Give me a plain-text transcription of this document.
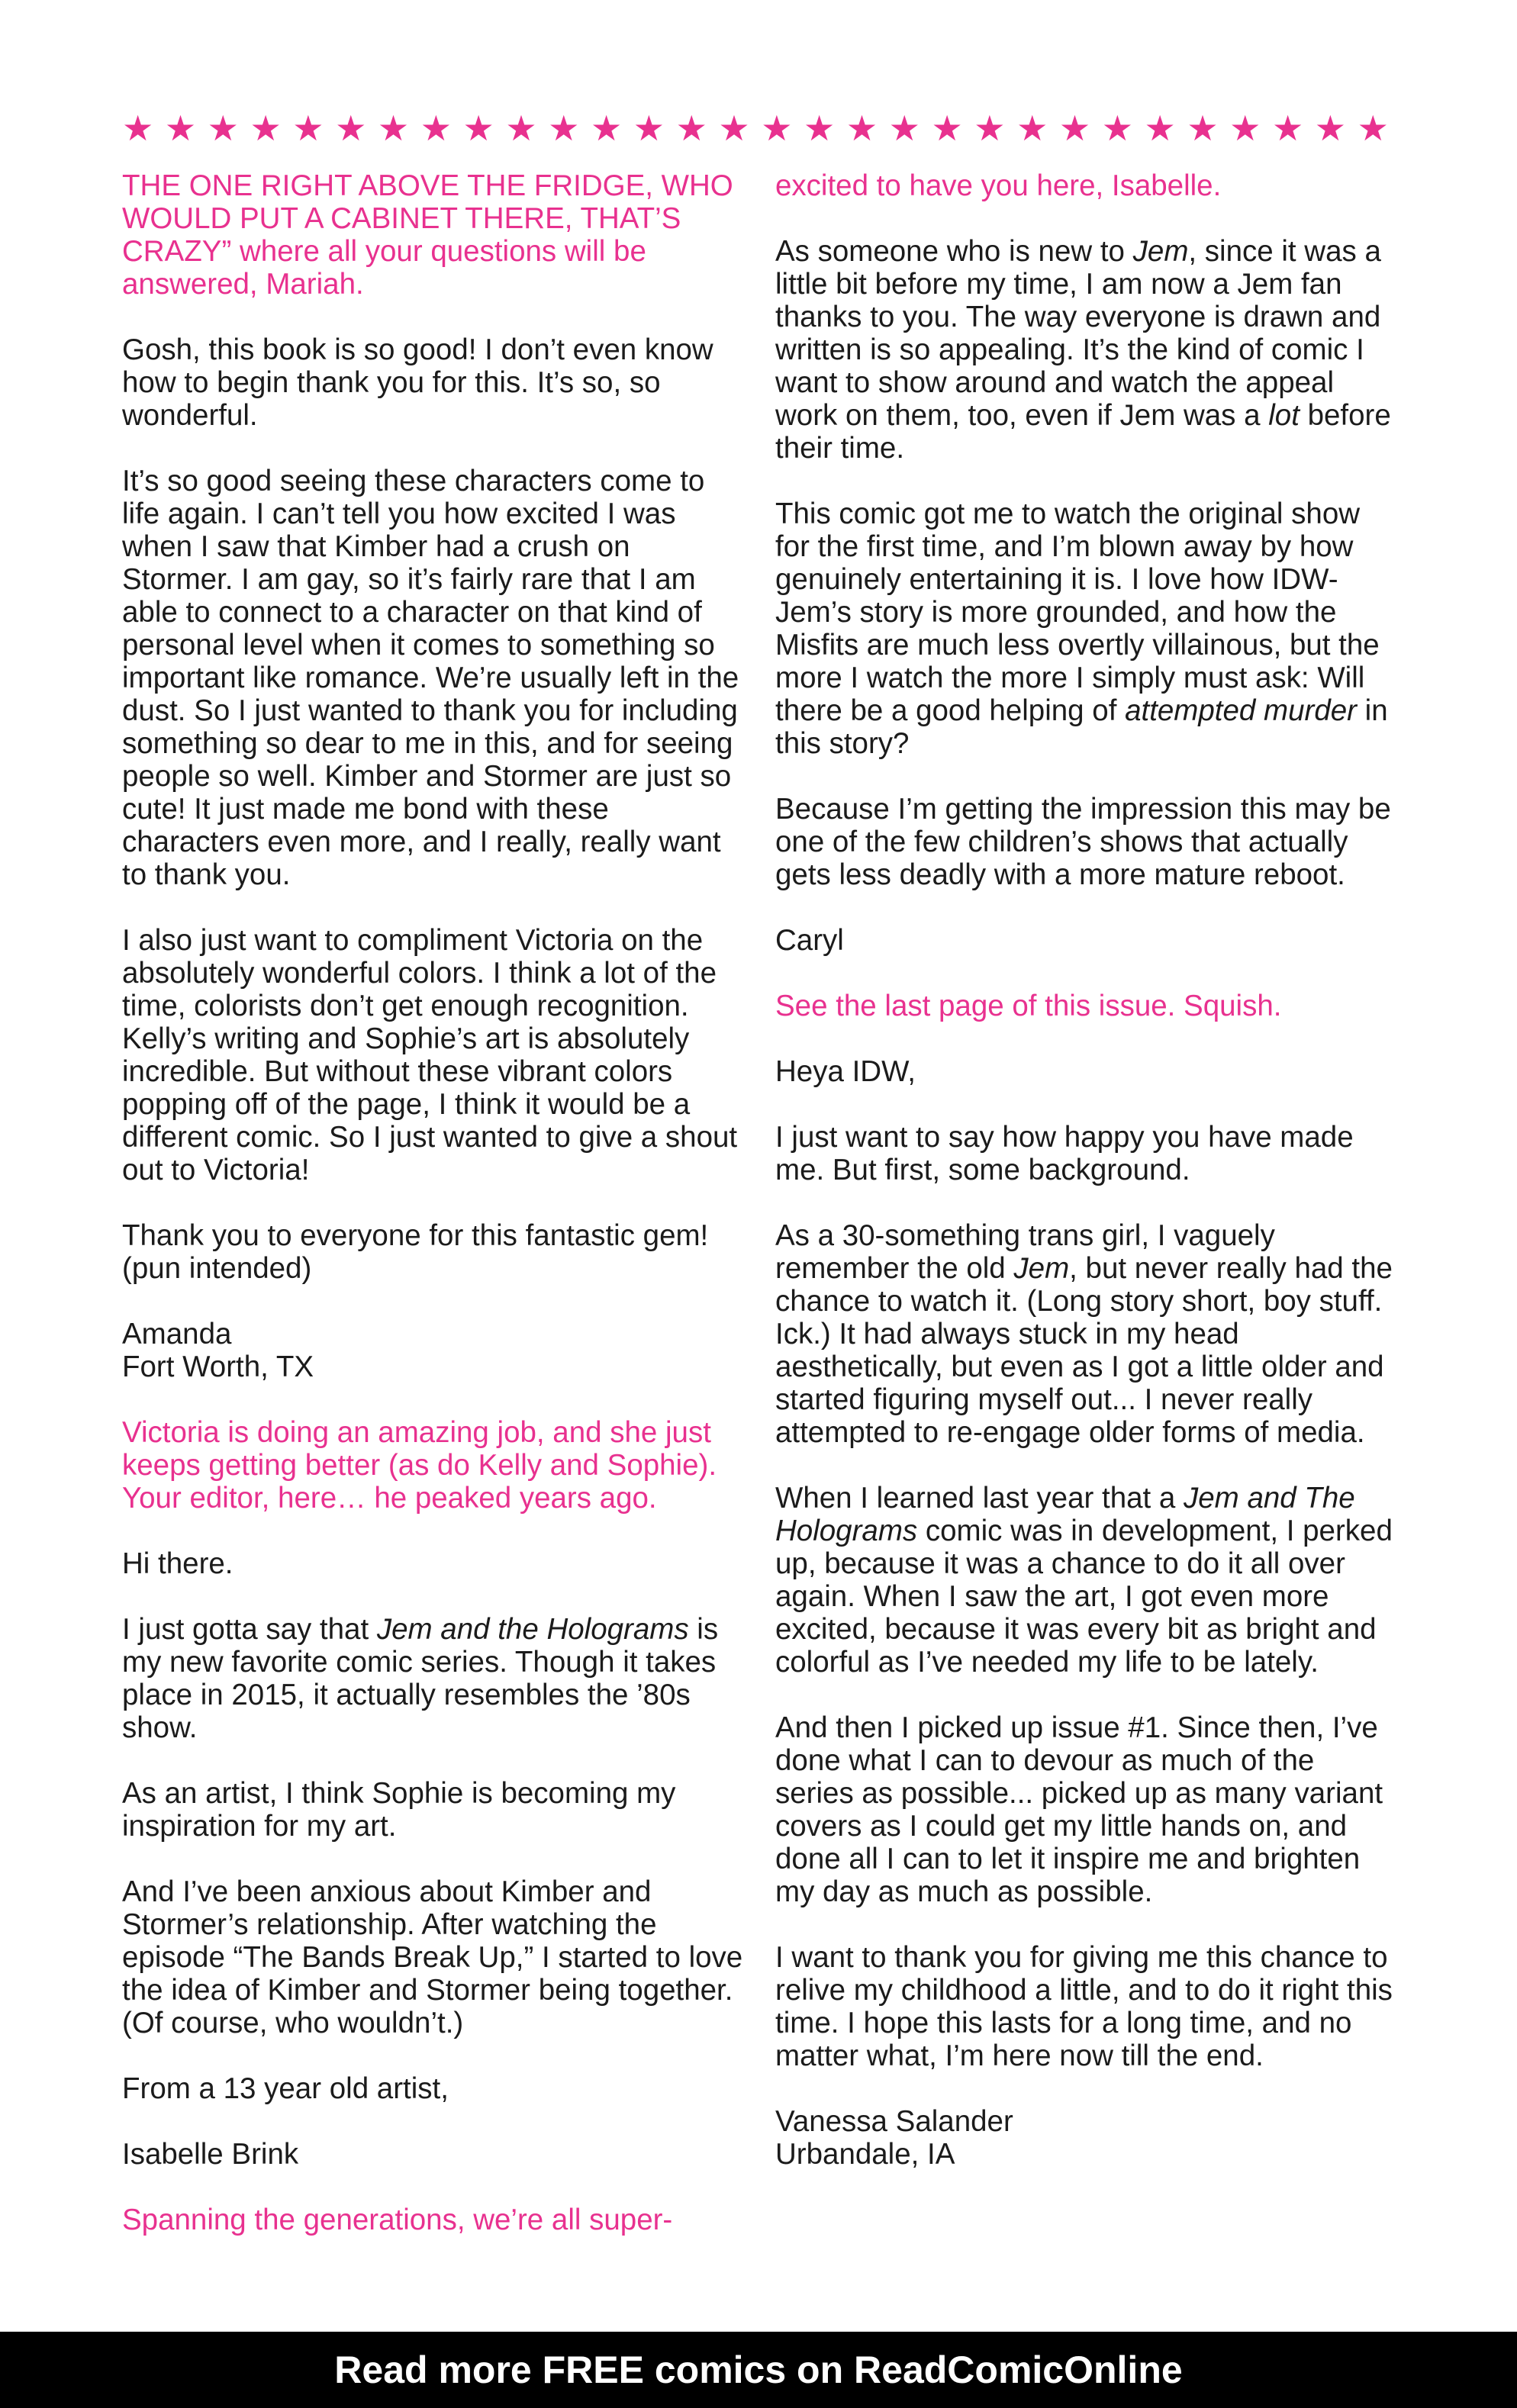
★ ★ ★ ★ ★ ★ ★ ★ ★ ★ ★ ★ ★ ★ ★ ★ ★ ★ ★ ★ ★ ★ ★ ★ ★ ★ ★ ★ ★ ★

THE ONE RIGHT ABOVE THE FRIDGE, WHO WOULD PUT A CABINET THERE, THAT’S CRAZY” where all your questions will be answered, Mariah.

Gosh, this book is so good! I don’t even know how to begin thank you for this. It’s so, so wonderful.

It’s so good seeing these characters come to life again. I can’t tell you how excited I was when I saw that Kimber had a crush on Stormer. I am gay, so it’s fairly rare that I am able to connect to a character on that kind of personal level when it comes to something so important like romance. We’re usually left in the dust. So I just wanted to thank you for including something so dear to me in this, and for seeing people so well. Kimber and Stormer are just so cute! It just made me bond with these characters even more, and I really, really want to thank you.

I also just want to compliment Victoria on the absolutely wonderful colors. I think a lot of the time, colorists don’t get enough recognition. Kelly’s writing and Sophie’s art is absolutely incredible. But without these vibrant colors popping off of the page, I think it would be a different comic. So I just wanted to give a shout out to Victoria!

Thank you to everyone for this fantastic gem! (pun intended)

Amanda
Fort Worth, TX

Victoria is doing an amazing job, and she just keeps getting better (as do Kelly and Sophie). Your editor, here… he peaked years ago.

Hi there.

I just gotta say that Jem and the Holograms is my new favorite comic series. Though it takes place in 2015, it actually resembles the ’80s show.

As an artist, I think Sophie is becoming my inspiration for my art.

And I’ve been anxious about Kimber and Stormer’s relationship. After watching the episode “The Bands Break Up,” I started to love the idea of Kimber and Stormer being together. (Of course, who wouldn’t.)

From a 13 year old artist,

Isabelle Brink

Spanning the generations, we’re all super-

excited to have you here, Isabelle.

As someone who is new to Jem, since it was a little bit before my time, I am now a Jem fan thanks to you. The way everyone is drawn and written is so appealing. It’s the kind of comic I want to show around and watch the appeal work on them, too, even if Jem was a lot before their time.

This comic got me to watch the original show for the first time, and I’m blown away by how genuinely entertaining it is. I love how IDW-Jem’s story is more grounded, and how the Misfits are much less overtly villainous, but the more I watch the more I simply must ask: Will there be a good helping of attempted murder in this story?

Because I’m getting the impression this may be one of the few children’s shows that actually gets less deadly with a more mature reboot.

Caryl

See the last page of this issue. Squish.

Heya IDW,

I just want to say how happy you have made me. But first, some background.

As a 30-something trans girl, I vaguely remember the old Jem, but never really had the chance to watch it. (Long story short, boy stuff. Ick.) It had always stuck in my head aesthetically, but even as I got a little older and started figuring myself out... I never really attempted to re-engage older forms of media.

When I learned last year that a Jem and The Holograms comic was in development, I perked up, because it was a chance to do it all over again. When I saw the art, I got even more excited, because it was every bit as bright and colorful as I’ve needed my life to be lately.

And then I picked up issue #1. Since then, I’ve done what I can to devour as much of the series as possible... picked up as many variant covers as I could get my little hands on, and done all I can to let it inspire me and brighten my day as much as possible.

I want to thank you for giving me this chance to relive my childhood a little, and to do it right this time. I hope this lasts for a long time, and no matter what, I’m here now till the end.

Vanessa Salander
Urbandale, IA

Read more FREE comics on ReadComicOnline
